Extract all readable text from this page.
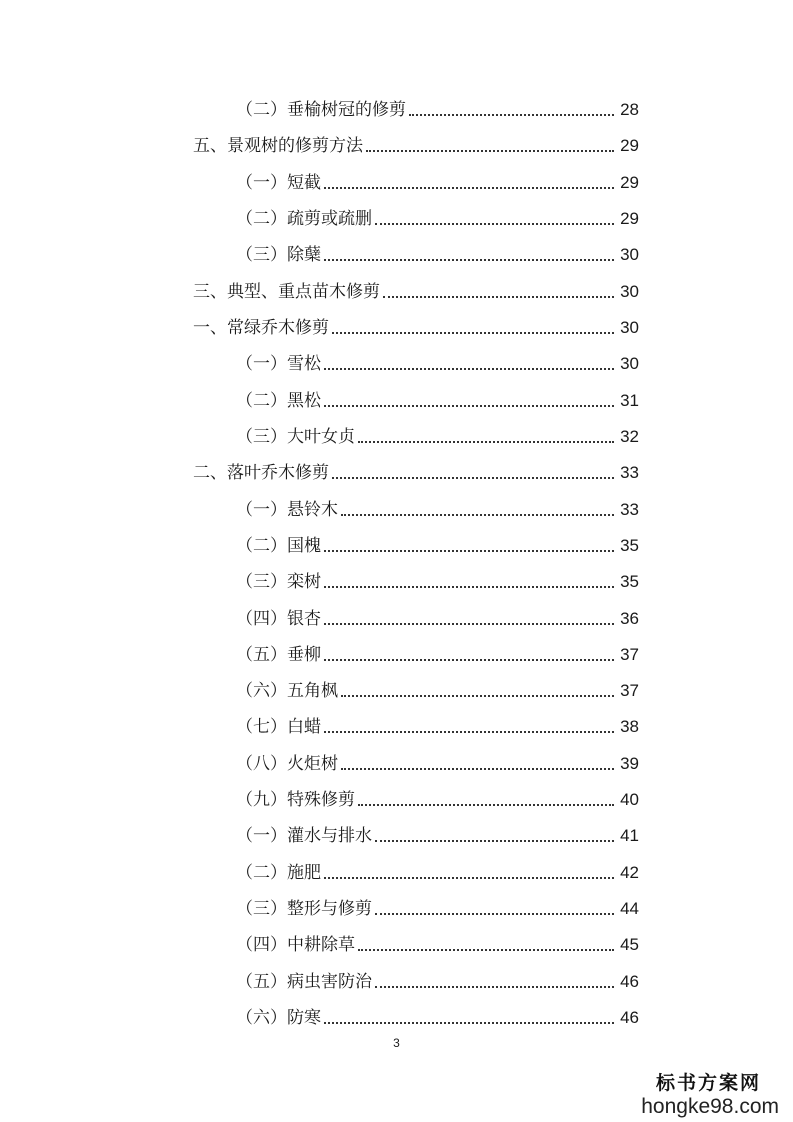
（二）垂榆树冠的修剪	28
五、景观树的修剪方法	29
（一）短截	29
（二）疏剪或疏删	29
（三）除蘖	30
三、典型、重点苗木修剪	30
一、常绿乔木修剪	30
（一）雪松	30
（二）黑松	31
（三）大叶女贞	32
二、落叶乔木修剪	33
（一）悬铃木	33
（二）国槐	35
（三）栾树	35
（四）银杏	36
（五）垂柳	37
（六）五角枫	37
（七）白蜡	38
（八）火炬树	39
（九）特殊修剪	40
（一）灌水与排水	41
（二）施肥	42
（三）整形与修剪	44
（四）中耕除草	45
（五）病虫害防治	46
（六）防寒	46
3
标书方案网
hongke98.com
